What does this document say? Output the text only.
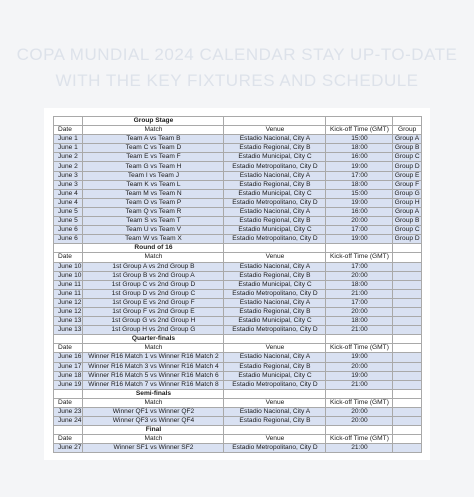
COPA MUNDIAL 2024 CALENDAR STAY UP-TO-DATE
WITH THE KEY FIXTURES AND SCHEDULE
	Group Stage			
Date	Match	Venue	Kick-off Time (GMT)	Group
June 1	Team A vs Team B	Estadio Nacional, City A	15:00	Group A
June 1	Team C vs Team D	Estadio Regional, City B	18:00	Group B
June 2	Team E vs Team F	Estadio Municipal, City C	16:00	Group C
June 2	Team G vs Team H	Estadio Metropolitano, City D	19:00	Group D
June 3	Team I vs Team J	Estadio Nacional, City A	17:00	Group E
June 3	Team K vs Team L	Estadio Regional, City B	18:00	Group F
June 4	Team M vs Team N	Estadio Municipal, City C	15:00	Group G
June 4	Team O vs Team P	Estadio Metropolitano, City D	19:00	Group H
June 5	Team Q vs Team R	Estadio Nacional, City A	16:00	Group A
June 5	Team S vs Team T	Estadio Regional, City B	20:00	Group B
June 6	Team U vs Team V	Estadio Municipal, City C	17:00	Group C
June 6	Team W vs Team X	Estadio Metropolitano, City D	19:00	Group D
	Round of 16			
Date	Match	Venue	Kick-off Time (GMT)	
June 10	1st Group A vs 2nd Group B	Estadio Nacional, City A	17:00	
June 10	1st Group B vs 2nd Group A	Estadio Regional, City B	20:00	
June 11	1st Group C vs 2nd Group D	Estadio Municipal, City C	18:00	
June 11	1st Group D vs 2nd Group C	Estadio Metropolitano, City D	21:00	
June 12	1st Group E vs 2nd Group F	Estadio Nacional, City A	17:00	
June 12	1st Group F vs 2nd Group E	Estadio Regional, City B	20:00	
June 13	1st Group G vs 2nd Group H	Estadio Municipal, City C	18:00	
June 13	1st Group H vs 2nd Group G	Estadio Metropolitano, City D	21:00	
	Quarter-finals			
Date	Match	Venue	Kick-off Time (GMT)	
June 16	Winner R16 Match 1 vs Winner R16 Match 2	Estadio Nacional, City A	19:00	
June 17	Winner R16 Match 3 vs Winner R16 Match 4	Estadio Regional, City B	20:00	
June 18	Winner R16 Match 5 vs Winner R16 Match 6	Estadio Municipal, City C	19:00	
June 19	Winner R16 Match 7 vs Winner R16 Match 8	Estadio Metropolitano, City D	21:00	
	Semi-finals			
Date	Match	Venue	Kick-off Time (GMT)	
June 23	Winner QF1 vs Winner QF2	Estadio Nacional, City A	20:00	
June 24	Winner QF3 vs Winner QF4	Estadio Regional, City B	20:00	
	Final			
Date	Match	Venue	Kick-off Time (GMT)	
June 27	Winner SF1 vs Winner SF2	Estadio Metropolitano, City D	21:00	
